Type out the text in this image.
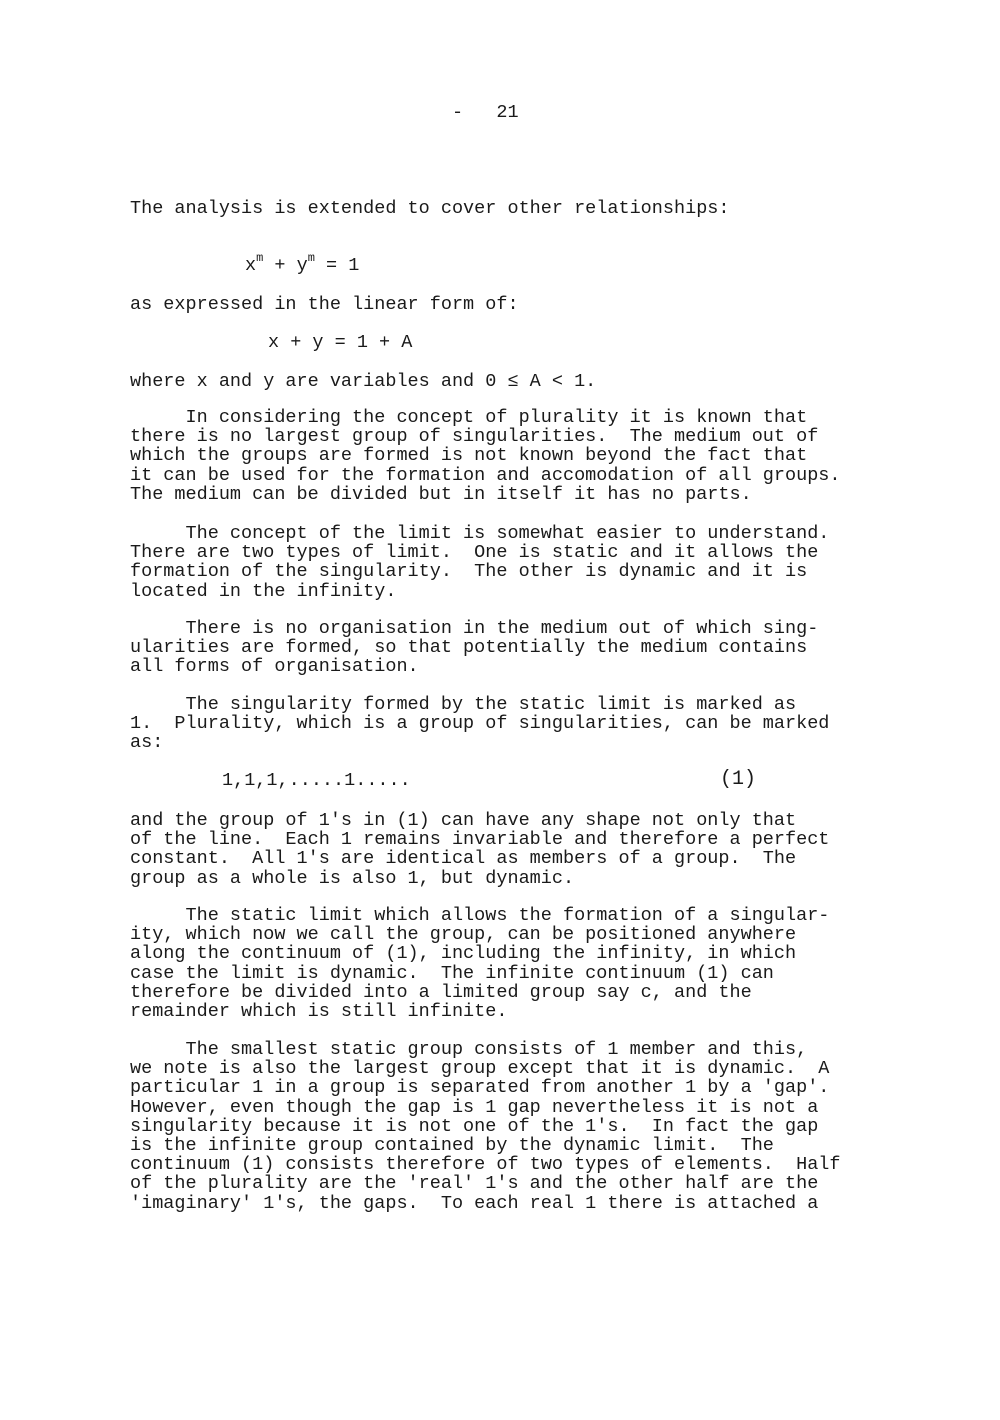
-   21
The analysis is extended to cover other relationships:
$x^m + y^m = 1$
as expressed in the linear form of:
x + y = 1 + A
where x and y are variables and 0 ≤ A < 1.
In considering the concept of plurality it is known that
there is no largest group of singularities.  The medium out of
which the groups are formed is not known beyond the fact that
it can be used for the formation and accomodation of all groups.
The medium can be divided but in itself it has no parts.
The concept of the limit is somewhat easier to understand.
There are two types of limit.  One is static and it allows the
formation of the singularity.  The other is dynamic and it is
located in the infinity.
There is no organisation in the medium out of which sing-
ularities are formed, so that potentially the medium contains
all forms of organisation.
The singularity formed by the static limit is marked as
1.  Plurality, which is a group of singularities, can be marked
as:
1,1,1,.....1.....	(1)
and the group of 1's in (1) can have any shape not only that
of the line.  Each 1 remains invariable and therefore a perfect
constant.  All 1's are identical as members of a group.  The
group as a whole is also 1, but dynamic.
The static limit which allows the formation of a singular-
ity, which now we call the group, can be positioned anywhere
along the continuum of (1), including the infinity, in which
case the limit is dynamic.  The infinite continuum (1) can
therefore be divided into a limited group say c, and the
remainder which is still infinite.
The smallest static group consists of 1 member and this,
we note is also the largest group except that it is dynamic.  A
particular 1 in a group is separated from another 1 by a 'gap'.
However, even though the gap is 1 gap nevertheless it is not a
singularity because it is not one of the 1's.  In fact the gap
is the infinite group contained by the dynamic limit.  The
continuum (1) consists therefore of two types of elements.  Half
of the plurality are the 'real' 1's and the other half are the
'imaginary' 1's, the gaps.  To each real 1 there is attached a
